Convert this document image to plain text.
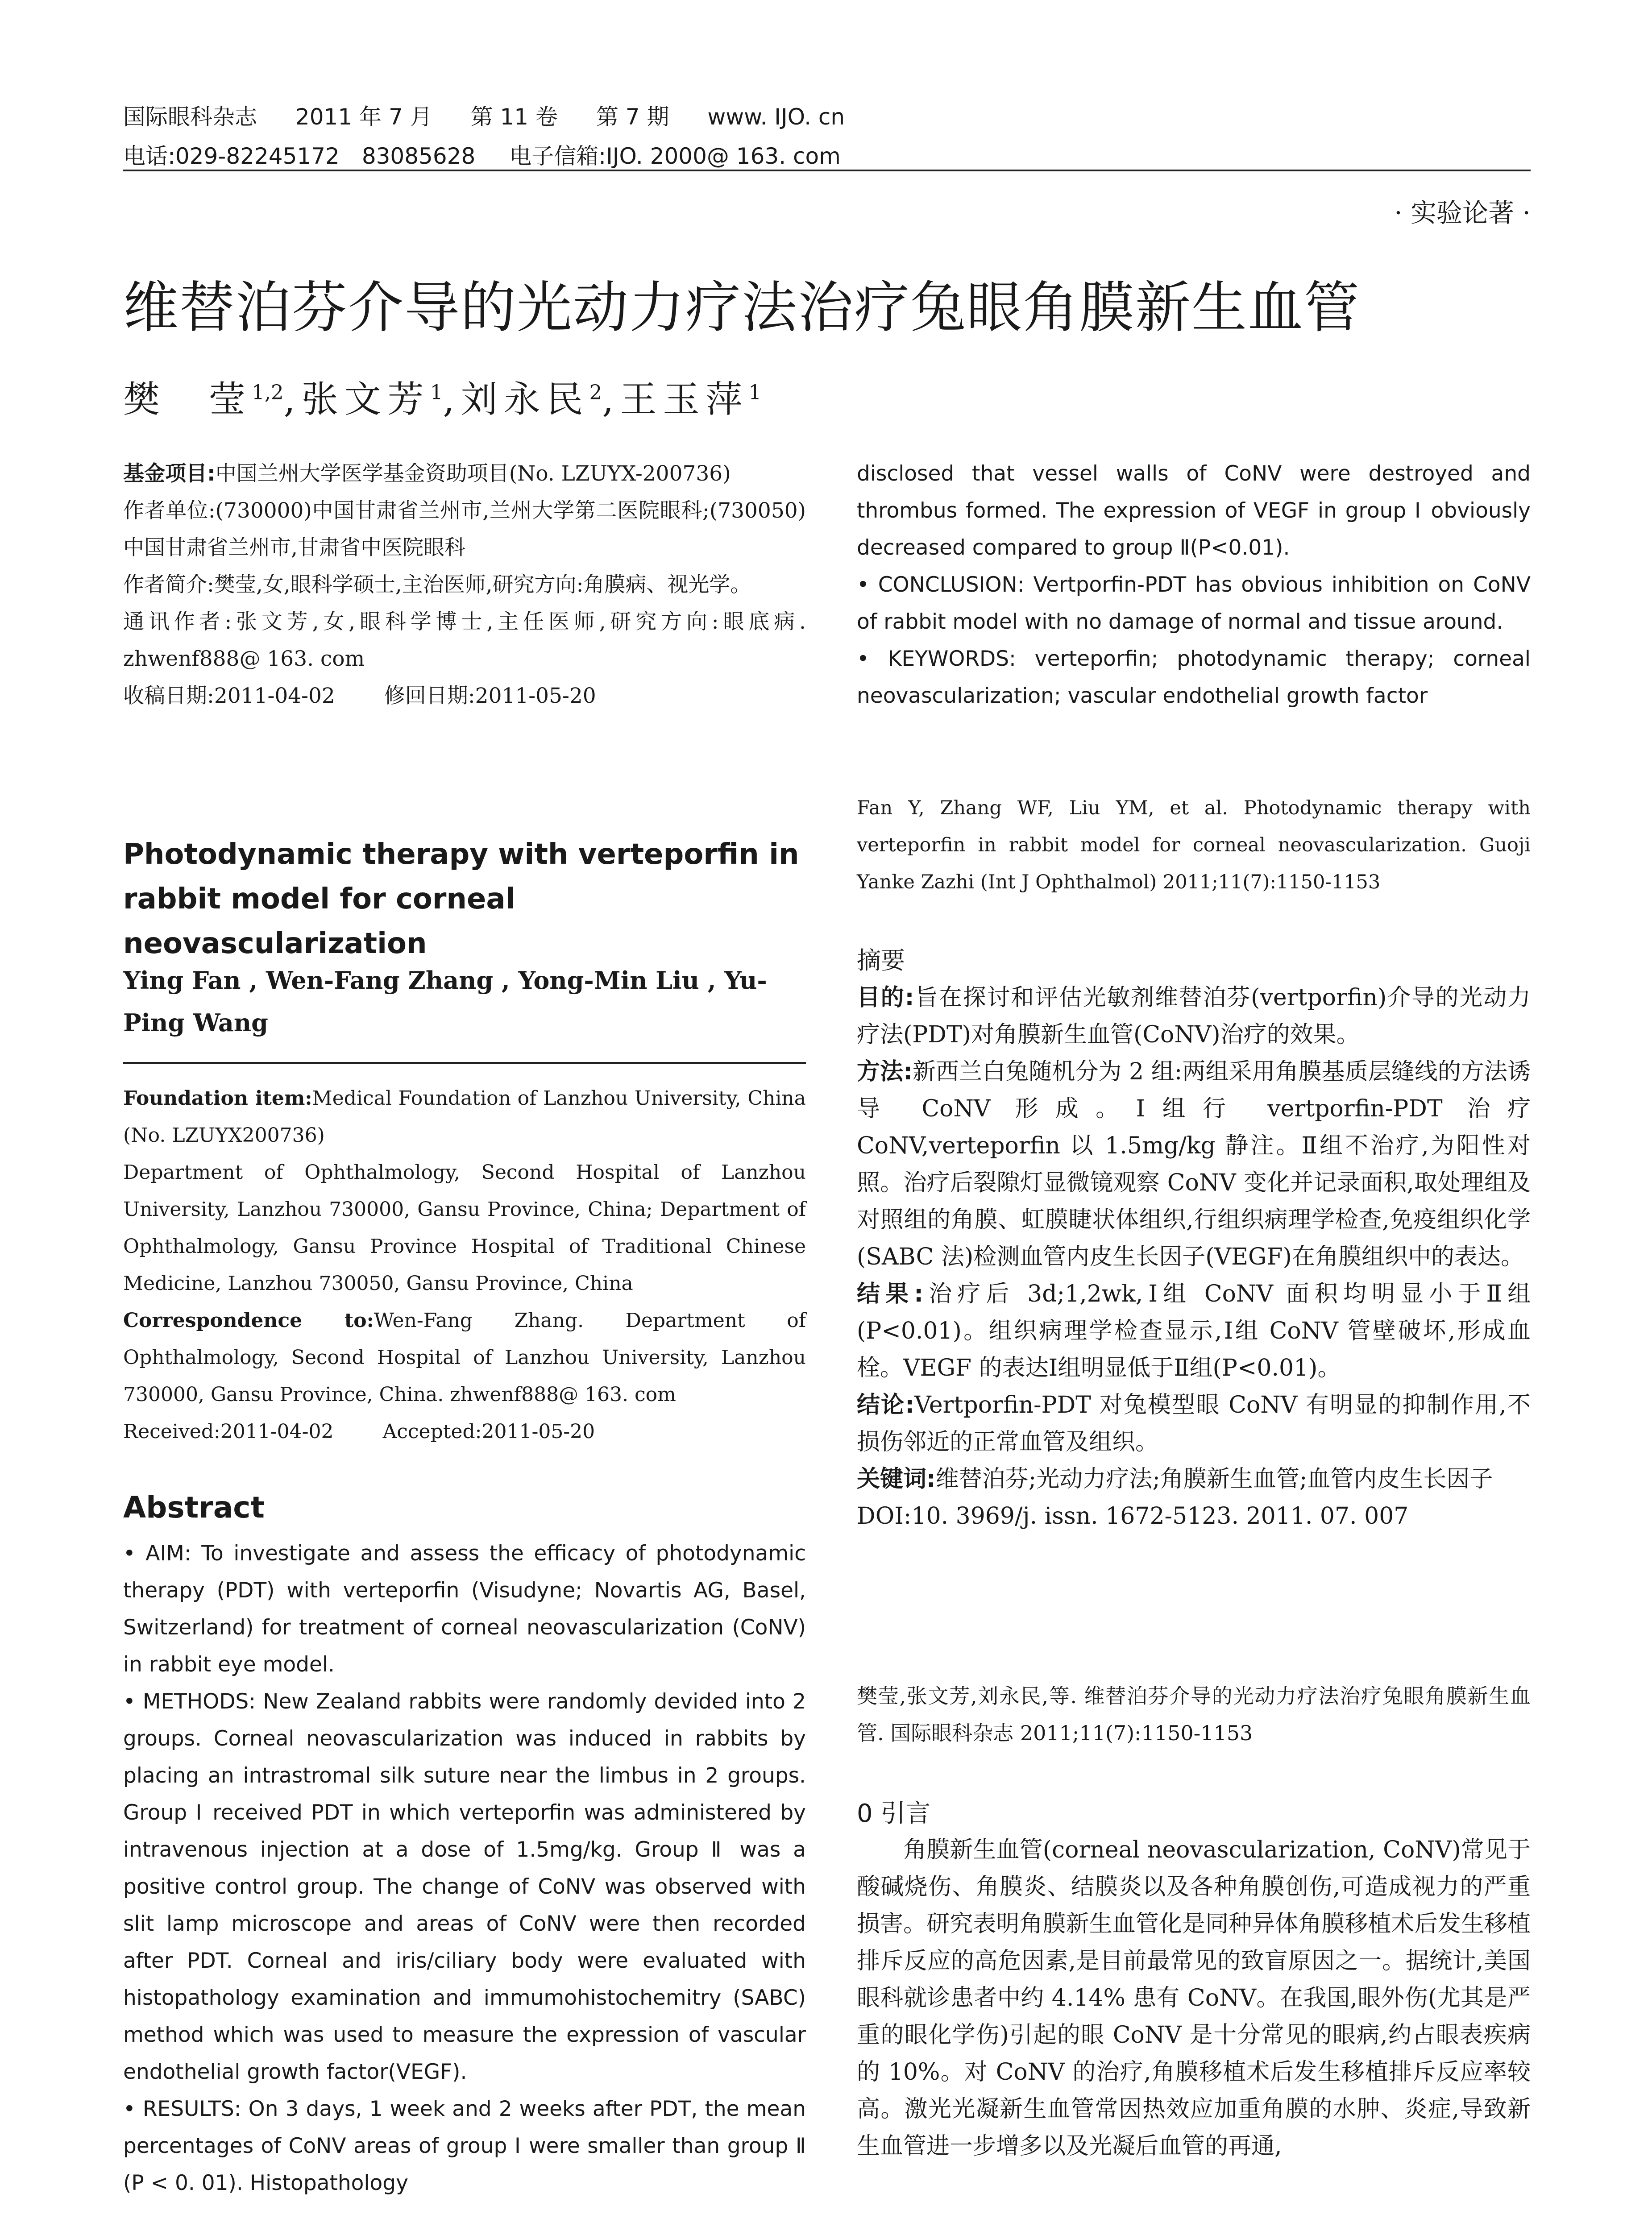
国际眼科杂志 2011 年 7 月 第 11 卷 第 7 期 www. IJO. cn
电话:029-82245172　83085628 电子信箱:IJO. 2000@ 163. com
· 实验论著 ·
维替泊芬介导的光动力疗法治疗兔眼角膜新生血管
樊　莹$^{1,2}$,张文芳$^1$,刘永民$^2$,王玉萍$^1$

基金项目:中国兰州大学医学基金资助项目(No. LZUYX-200736)

作者单位:(730000)中国甘肃省兰州市,兰州大学第二医院眼科;(730050)中国甘肃省兰州市,甘肃省中医院眼科

作者简介:樊莹,女,眼科学硕士,主治医师,研究方向:角膜病、视光学。

通讯作者:张文芳,女,眼科学博士,主任医师,研究方向:眼底病. zhwenf888@ 163. com

收稿日期:2011-04-02 修回日期:2011-05-20

Photodynamic therapy with verteporfin in rabbit model for corneal neovascularization
Ying Fan , Wen-Fang Zhang , Yong-Min Liu , Yu-Ping Wang

Foundation item:Medical Foundation of Lanzhou University, China (No. LZUYX200736)

Department of Ophthalmology, Second Hospital of Lanzhou University, Lanzhou 730000, Gansu Province, China; Department of Ophthalmology, Gansu Province Hospital of Traditional Chinese Medicine, Lanzhou 730050, Gansu Province, China

Correspondence to:Wen-Fang Zhang. Department of Ophthalmology, Second Hospital of Lanzhou University, Lanzhou 730000, Gansu Province, China. zhwenf888@ 163. com

Received:2011-04-02	Accepted:2011-05-20

Abstract

• AIM: To investigate and assess the efficacy of photodynamic therapy (PDT) with verteporfin (Visudyne; Novartis AG, Basel, Switzerland) for treatment of corneal neovascularization (CoNV) in rabbit eye model.

• METHODS: New Zealand rabbits were randomly devided into 2 groups. Corneal neovascularization was induced in rabbits by placing an intrastromal silk suture near the limbus in 2 groups. Group Ⅰ received PDT in which verteporfin was administered by intravenous injection at a dose of 1.5mg/kg. Group Ⅱ was a positive control group. The change of CoNV was observed with slit lamp microscope and areas of CoNV were then recorded after PDT. Corneal and iris/ciliary body were evaluated with histopathology examination and immumohistochemitry (SABC) method which was used to measure the expression of vascular endothelial growth factor(VEGF).

• RESULTS: On 3 days, 1 week and 2 weeks after PDT, the mean percentages of CoNV areas of group Ⅰ were smaller than group Ⅱ (P < 0. 01). Histopathology

disclosed that vessel walls of CoNV were destroyed and thrombus formed. The expression of VEGF in group Ⅰ obviously decreased compared to group Ⅱ(P<0.01).

• CONCLUSION: Vertporfin-PDT has obvious inhibition on CoNV of rabbit model with no damage of normal and tissue around.

• KEYWORDS: verteporfin; photodynamic therapy; corneal neovascularization; vascular endothelial growth factor

Fan Y, Zhang WF, Liu YM, et al. Photodynamic therapy with verteporfin in rabbit model for corneal neovascularization. Guoji Yanke Zazhi (Int J Ophthalmol) 2011;11(7):1150-1153

摘要

目的:旨在探讨和评估光敏剂维替泊芬(vertporfin)介导的光动力疗法(PDT)对角膜新生血管(CoNV)治疗的效果。

方法:新西兰白兔随机分为 2 组:两组采用角膜基质层缝线的方法诱导 CoNV 形成。Ⅰ组行 vertporfin-PDT 治疗 CoNV,verteporfin 以 1.5mg/kg 静注。Ⅱ组不治疗,为阳性对照。治疗后裂隙灯显微镜观察 CoNV 变化并记录面积,取处理组及对照组的角膜、虹膜睫状体组织,行组织病理学检查,免疫组织化学(SABC 法)检测血管内皮生长因子(VEGF)在角膜组织中的表达。

结果:治疗后 3d;1,2wk,Ⅰ组 CoNV 面积均明显小于Ⅱ组(P<0.01)。组织病理学检查显示,Ⅰ组 CoNV 管壁破坏,形成血栓。VEGF 的表达Ⅰ组明显低于Ⅱ组(P<0.01)。

结论:Vertporfin-PDT 对兔模型眼 CoNV 有明显的抑制作用,不损伤邻近的正常血管及组织。

关键词:维替泊芬;光动力疗法;角膜新生血管;血管内皮生长因子

DOI:10. 3969/j. issn. 1672-5123. 2011. 07. 007

樊莹,张文芳,刘永民,等. 维替泊芬介导的光动力疗法治疗兔眼角膜新生血管. 国际眼科杂志 2011;11(7):1150-1153

0 引言

角膜新生血管(corneal neovascularization, CoNV)常见于酸碱烧伤、角膜炎、结膜炎以及各种角膜创伤,可造成视力的严重损害。研究表明角膜新生血管化是同种异体角膜移植术后发生移植排斥反应的高危因素,是目前最常见的致盲原因之一。据统计,美国眼科就诊患者中约 4.14% 患有 CoNV。在我国,眼外伤(尤其是严重的眼化学伤)引起的眼 CoNV 是十分常见的眼病,约占眼表疾病的 10%。对 CoNV 的治疗,角膜移植术后发生移植排斥反应率较高。激光光凝新生血管常因热效应加重角膜的水肿、炎症,导致新生血管进一步增多以及光凝后血管的再通,
